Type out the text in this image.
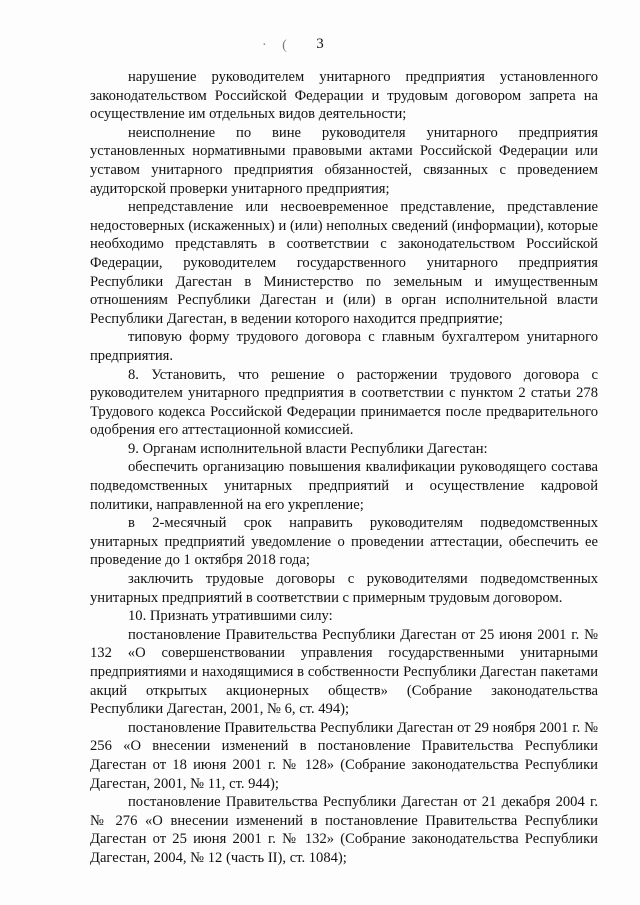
· (	3

нарушение руководителем унитарного предприятия установленного законодательством Российской Федерации и трудовым договором запрета на осуществление им отдельных видов деятельности;

неисполнение по вине руководителя унитарного предприятия установленных нормативными правовыми актами Российской Федерации или уставом унитарного предприятия обязанностей, связанных с проведением аудиторской проверки унитарного предприятия;

непредставление или несвоевременное представление, представление недостоверных (искаженных) и (или) неполных сведений (информации), которые необходимо представлять в соответствии с законодательством Российской Федерации, руководителем государственного унитарного предприятия Республики Дагестан в Министерство по земельным и имущественным отношениям Республики Дагестан и (или) в орган исполнительной власти Республики Дагестан, в ведении которого находится предприятие;

типовую форму трудового договора с главным бухгалтером унитарного предприятия.

8. Установить, что решение о расторжении трудового договора с руководителем унитарного предприятия в соответствии с пунктом 2 статьи 278 Трудового кодекса Российской Федерации принимается после предварительного одобрения его аттестационной комиссией.

9. Органам исполнительной власти Республики Дагестан:

обеспечить организацию повышения квалификации руководящего состава подведомственных унитарных предприятий и осуществление кадровой политики, направленной на его укрепление;

в 2-месячный срок направить руководителям подведомственных унитарных предприятий уведомление о проведении аттестации, обеспечить ее проведение до 1 октября 2018 года;

заключить трудовые договоры с руководителями подведомственных унитарных предприятий в соответствии с примерным трудовым договором.

10. Признать утратившими силу:

постановление Правительства Республики Дагестан от 25 июня 2001 г. № 132 «О совершенствовании управления государственными унитарными предприятиями и находящимися в собственности Республики Дагестан пакетами акций открытых акционерных обществ» (Собрание законодательства Республики Дагестан, 2001, № 6, ст. 494);

постановление Правительства Республики Дагестан от 29 ноября 2001 г. № 256 «О внесении изменений в постановление Правительства Республики Дагестан от 18 июня 2001 г. № 128» (Собрание законодательства Республики Дагестан, 2001, № 11, ст. 944);

постановление Правительства Республики Дагестан от 21 декабря 2004 г. № 276 «О внесении изменений в постановление Правительства Республики Дагестан от 25 июня 2001 г. № 132» (Собрание законодательства Республики Дагестан, 2004, № 12 (часть II), ст. 1084);
